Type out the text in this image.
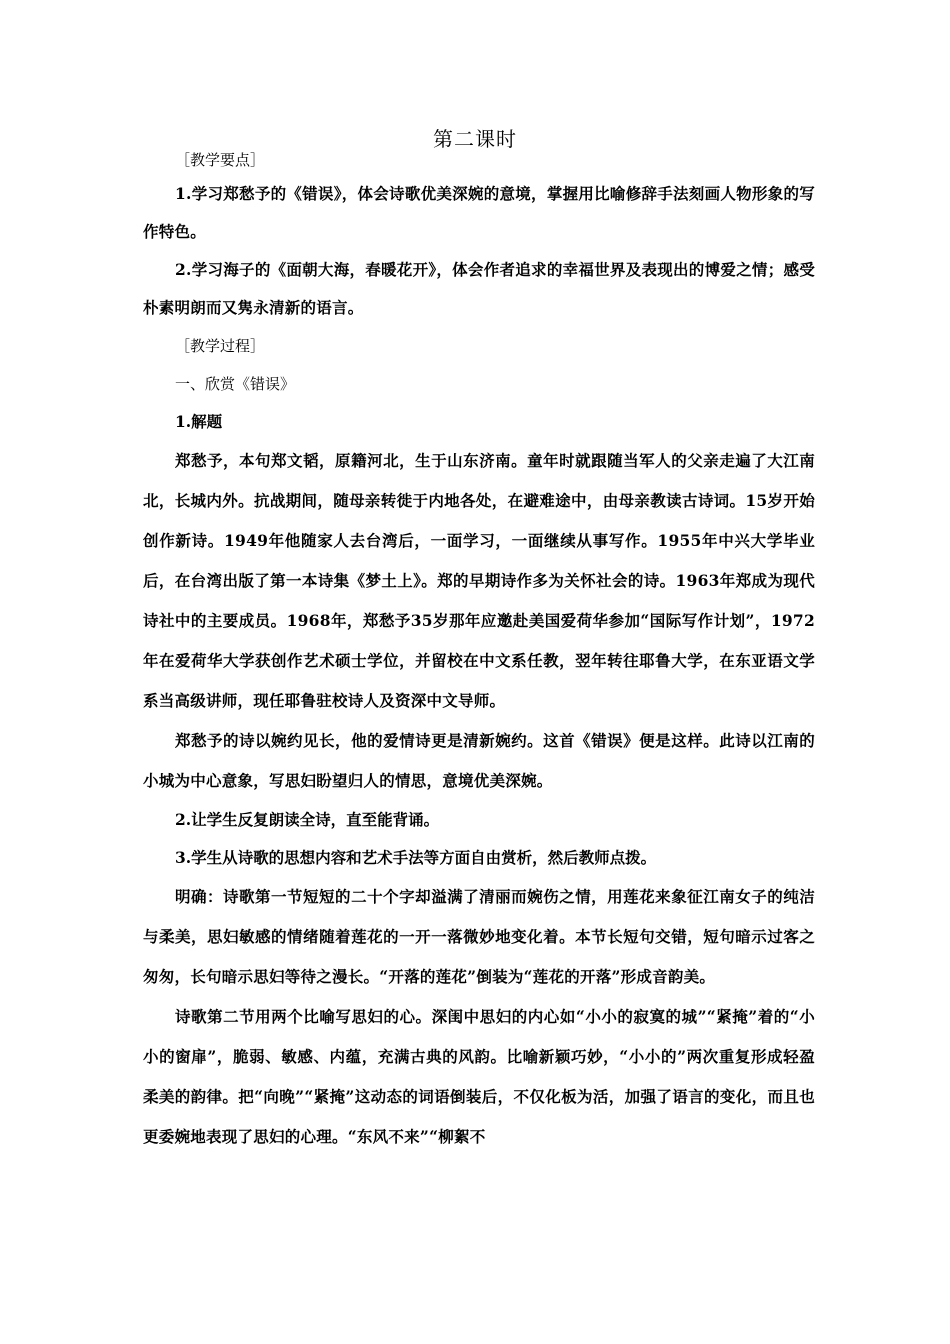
第二课时
［教学要点］

1.学习郑愁予的《错误》，体会诗歌优美深婉的意境，掌握用比喻修辞手法刻画人物形象的写作特色。

2.学习海子的《面朝大海，春暖花开》，体会作者追求的幸福世界及表现出的博爱之情；感受朴素明朗而又隽永清新的语言。

［教学过程］
一、欣赏《错误》
1.解题

郑愁予，本句郑文韬，原籍河北，生于山东济南。童年时就跟随当军人的父亲走遍了大江南北，长城内外。抗战期间，随母亲转徙于内地各处，在避难途中，由母亲教读古诗词。15岁开始创作新诗。1949年他随家人去台湾后，一面学习，一面继续从事写作。1955年中兴大学毕业后，在台湾出版了第一本诗集《梦土上》。郑的早期诗作多为关怀社会的诗。1963年郑成为现代诗社中的主要成员。1968年，郑愁予35岁那年应邀赴美国爱荷华参加“国际写作计划”，1972年在爱荷华大学获创作艺术硕士学位，并留校在中文系任教，翌年转往耶鲁大学，在东亚语文学系当高级讲师，现任耶鲁驻校诗人及资深中文导师。

郑愁予的诗以婉约见长，他的爱情诗更是清新婉约。这首《错误》便是这样。此诗以江南的小城为中心意象，写思妇盼望归人的情思，意境优美深婉。

2.让学生反复朗读全诗，直至能背诵。
3.学生从诗歌的思想内容和艺术手法等方面自由赏析，然后教师点拨。

明确：诗歌第一节短短的二十个字却溢满了清丽而婉伤之情，用莲花来象征江南女子的纯洁与柔美，思妇敏感的情绪随着莲花的一开一落微妙地变化着。本节长短句交错，短句暗示过客之匆匆，长句暗示思妇等待之漫长。“开落的莲花”倒装为“莲花的开落”形成音韵美。

诗歌第二节用两个比喻写思妇的心。深闺中思妇的内心如“小小的寂寞的城”“紧掩”着的“小小的窗扉”，脆弱、敏感、内蕴，充满古典的风韵。比喻新颖巧妙，“小小的”两次重复形成轻盈柔美的韵律。把“向晚”“紧掩”这动态的词语倒装后，不仅化板为活，加强了语言的变化，而且也更委婉地表现了思妇的心理。“东风不来”“柳絮不
